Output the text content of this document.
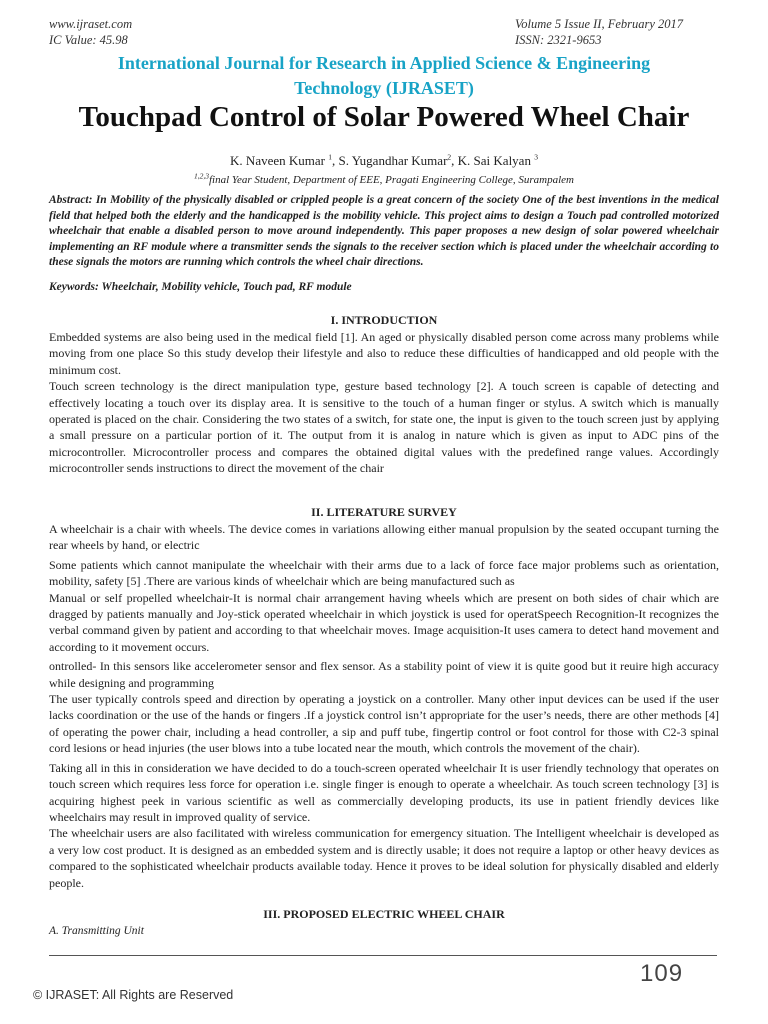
www.ijraset.com
IC Value: 45.98
Volume 5 Issue II, February 2017
ISSN: 2321-9653
International Journal for Research in Applied Science & Engineering
Technology (IJRASET)
Touchpad Control of Solar Powered Wheel Chair
K. Naveen Kumar $^1$, S. Yugandhar Kumar$^2$, K. Sai Kalyan $^3$
$^{1,2,3}$final Year Student, Department of EEE, Pragati Engineering College, Surampalem
Abstract: In Mobility of the physically disabled or crippled people is a great concern of the society One of the best inventions in the medical field that helped both the elderly and the handicapped is the mobility vehicle. This project aims to design a Touch pad controlled motorized wheelchair that enable a disabled person to move around independently. This paper proposes a new design of solar powered wheelchair implementing an RF module where a transmitter sends the signals to the receiver section which is placed under the wheelchair according to these signals the motors are running which controls the wheel chair directions.
Keywords: Wheelchair, Mobility vehicle, Touch pad, RF module
I. INTRODUCTION

Embedded systems are also being used in the medical field [1]. An aged or physically disabled person come across many problems while moving from one place So this study develop their lifestyle and also to reduce these difficulties of handicapped and old people with the minimum cost.

Touch screen technology is the direct manipulation type, gesture based technology [2]. A touch screen is capable of detecting and effectively locating a touch over its display area. It is sensitive to the touch of a human finger or stylus. A switch which is manually operated is placed on the chair. Considering the two states of a switch, for state one, the input is given to the touch screen just by applying a small pressure on a particular portion of it. The output from it is analog in nature which is given as input to ADC pins of the microcontroller. Microcontroller process and compares the obtained digital values with the predefined range values. Accordingly microcontroller sends instructions to direct the movement of the chair

II. LITERATURE SURVEY

A wheelchair is a chair with wheels. The device comes in variations allowing either manual propulsion by the seated occupant turning the rear wheels by hand, or electric

Some patients which cannot manipulate the wheelchair with their arms due to a lack of force face major problems such as orientation, mobility, safety [5] .There are various kinds of wheelchair which are being manufactured such as

Manual or self propelled wheelchair-It is normal chair arrangement having wheels which are present on both sides of chair which are dragged by patients manually and Joy-stick operated wheelchair in which joystick is used for operatSpeech Recognition-It recognizes the verbal command given by patient and according to that wheelchair moves. Image acquisition-It uses camera to detect hand movement and according to it movement occurs.

ontrolled- In this sensors like accelerometer sensor and flex sensor. As a stability point of view it is quite good but it reuire high accuracy while designing and programming

The user typically controls speed and direction by operating a joystick on a controller. Many other input devices can be used if the user lacks coordination or the use of the hands or fingers .If a joystick control isn’t appropriate for the user’s needs, there are other methods [4] of operating the power chair, including a head controller, a sip and puff tube, fingertip control or foot control for those with C2-3 spinal cord lesions or head injuries (the user blows into a tube located near the mouth, which controls the movement of the chair).

Taking all in this in consideration we have decided to do a touch-screen operated wheelchair It is user friendly technology that operates on touch screen which requires less force for operation i.e. single finger is enough to operate a wheelchair. As touch screen technology [3] is acquiring highest peek in various scientific as well as commercially developing products, its use in patient friendly devices like wheelchairs may result in improved quality of service.

The wheelchair users are also facilitated with wireless communication for emergency situation. The Intelligent wheelchair is developed as a very low cost product. It is designed as an embedded system and is directly usable; it does not require a laptop or other heavy devices as compared to the sophisticated wheelchair products available today. Hence it proves to be ideal solution for physically disabled and elderly people.

III. PROPOSED ELECTRIC WHEEL CHAIR
A. Transmitting Unit
109
© IJRASET: All Rights are Reserved
